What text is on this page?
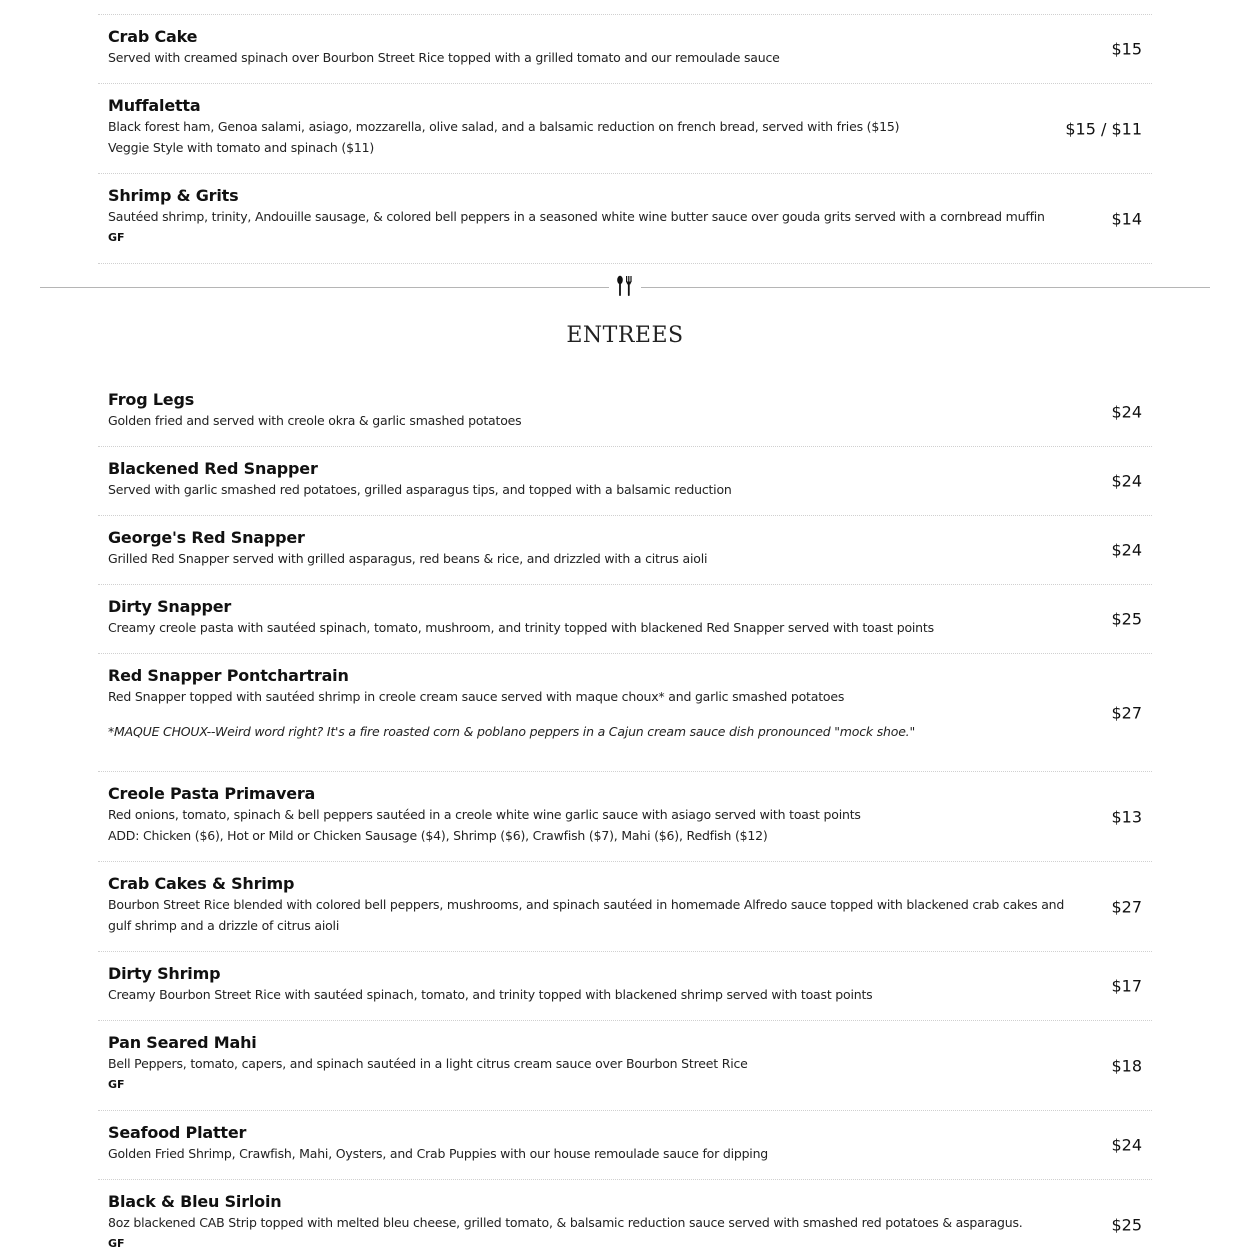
Crab Cake
Served with creamed spinach over Bourbon Street Rice topped with a grilled tomato and our remoulade sauce	$15
Muffaletta
Black forest ham, Genoa salami, asiago, mozzarella, olive salad, and a balsamic reduction on french bread, served with fries ($15)
Veggie Style with tomato and spinach ($11)
$15 / $11
Shrimp & Grits
Sautéed shrimp, trinity, Andouille sausage, & colored bell peppers in a seasoned white wine butter sauce over gouda grits served with a cornbread muffin
GF
$14
ENTREES
Frog Legs
Golden fried and served with creole okra & garlic smashed potatoes	$24
Blackened Red Snapper
Served with garlic smashed red potatoes, grilled asparagus tips, and topped with a balsamic reduction	$24
George's Red Snapper
Grilled Red Snapper served with grilled asparagus, red beans & rice, and drizzled with a citrus aioli	$24
Dirty Snapper
Creamy creole pasta with sautéed spinach, tomato, mushroom, and trinity topped with blackened Red Snapper served with toast points	$25
Red Snapper Pontchartrain
Red Snapper topped with sautéed shrimp in creole cream sauce served with maque choux* and garlic smashed potatoes
*MAQUE CHOUX--Weird word right? It's a fire roasted corn & poblano peppers in a Cajun cream sauce dish pronounced "mock shoe."
$27
Creole Pasta Primavera
Red onions, tomato, spinach & bell peppers sautéed in a creole white wine garlic sauce with asiago served with toast points
ADD: Chicken ($6), Hot or Mild or Chicken Sausage ($4), Shrimp ($6), Crawfish ($7), Mahi ($6), Redfish ($12)
$13
Crab Cakes & Shrimp
Bourbon Street Rice blended with colored bell peppers, mushrooms, and spinach sautéed in homemade Alfredo sauce topped with blackened crab cakes and gulf shrimp and a drizzle of citrus aioli
$27
Dirty Shrimp
Creamy Bourbon Street Rice with sautéed spinach, tomato, and trinity topped with blackened shrimp served with toast points	$17
Pan Seared Mahi
Bell Peppers, tomato, capers, and spinach sautéed in a light citrus cream sauce over Bourbon Street Rice
GF
$18
Seafood Platter
Golden Fried Shrimp, Crawfish, Mahi, Oysters, and Crab Puppies with our house remoulade sauce for dipping	$24
Black & Bleu Sirloin
8oz blackened CAB Strip topped with melted bleu cheese, grilled tomato, & balsamic reduction sauce served with smashed red potatoes & asparagus.
GF
$25
